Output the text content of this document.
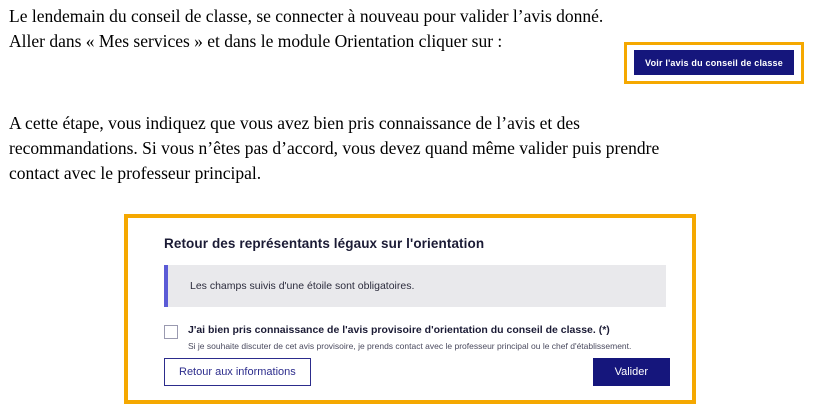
Le lendemain du conseil de classe, se connecter à nouveau pour valider l’avis donné.
Aller dans « Mes services » et dans le module Orientation cliquer sur :
Voir l'avis du conseil de classe
A cette étape, vous indiquez que vous avez bien pris connaissance de l’avis et des
recommandations. Si vous n’êtes pas d’accord, vous devez quand même valider puis prendre
contact avec le professeur principal.
Retour des représentants légaux sur l'orientation
Les champs suivis d'une étoile sont obligatoires.
J'ai bien pris connaissance de l'avis provisoire d'orientation du conseil de classe. (*)
Si je souhaite discuter de cet avis provisoire, je prends contact avec le professeur principal ou le chef d'établissement.
Retour aux informations	Valider
